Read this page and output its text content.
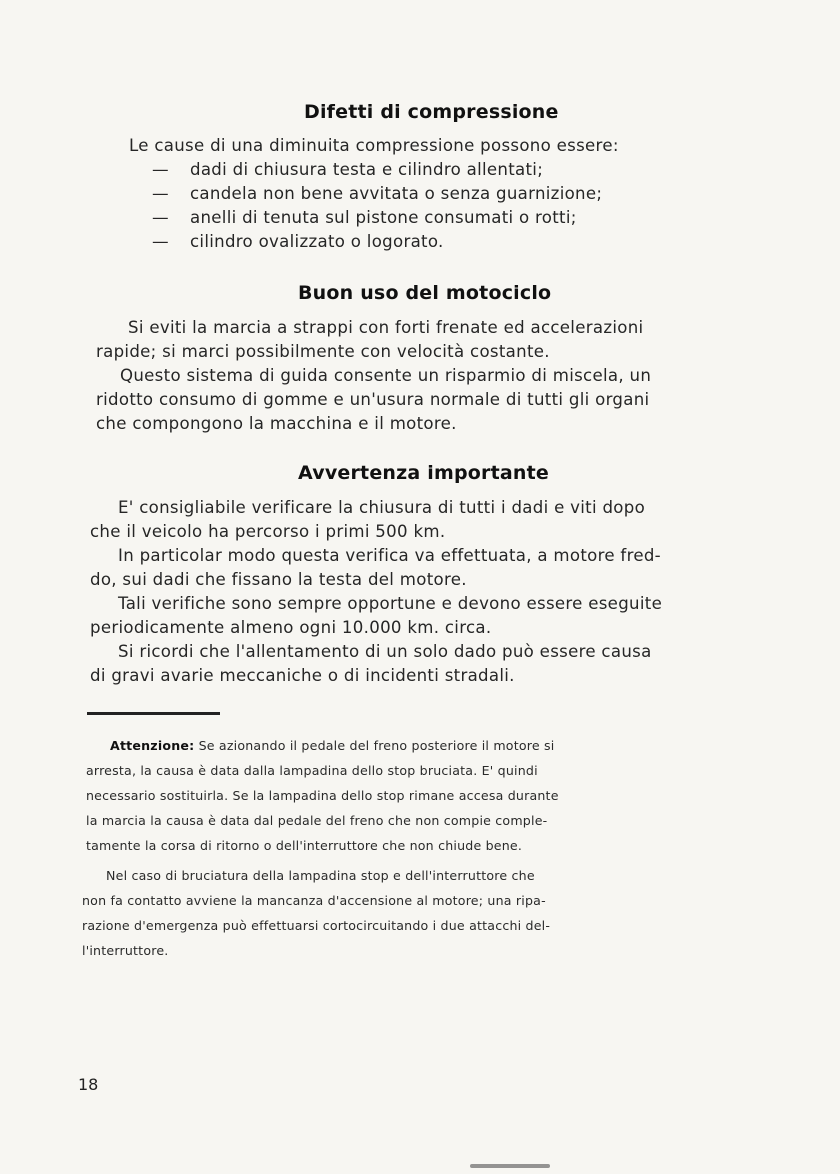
Difetti di compressione

Le cause di una diminuita compressione possono essere:

— dadi di chiusura testa e cilindro allentati;

— candela non bene avvitata o senza guarnizione;

— anelli di tenuta sul pistone consumati o rotti;

— cilindro ovalizzato o logorato.

Buon uso del motociclo

Si eviti la marcia a strappi con forti frenate ed accelerazioni

rapide; si marci possibilmente con velocità costante.

Questo sistema di guida consente un risparmio di miscela, un

ridotto consumo di gomme e un'usura normale di tutti gli organi

che compongono la macchina e il motore.

Avvertenza importante

E' consigliabile verificare la chiusura di tutti i dadi e viti dopo

che il veicolo ha percorso i primi 500 km.

In particolar modo questa verifica va effettuata, a motore fred-

do, sui dadi che fissano la testa del motore.

Tali verifiche sono sempre opportune e devono essere eseguite

periodicamente almeno ogni 10.000 km. circa.

Si ricordi che l'allentamento di un solo dado può essere causa

di gravi avarie meccaniche o di incidenti stradali.

Attenzione: Se azionando il pedale del freno posteriore il motore si

arresta, la causa è data dalla lampadina dello stop bruciata. E' quindi

necessario sostituirla. Se la lampadina dello stop rimane accesa durante

la marcia la causa è data dal pedale del freno che non compie comple-

tamente la corsa di ritorno o dell'interruttore che non chiude bene.

Nel caso di bruciatura della lampadina stop e dell'interruttore che

non fa contatto avviene la mancanza d'accensione al motore; una ripa-

razione d'emergenza può effettuarsi cortocircuitando i due attacchi del-

l'interruttore.

18
